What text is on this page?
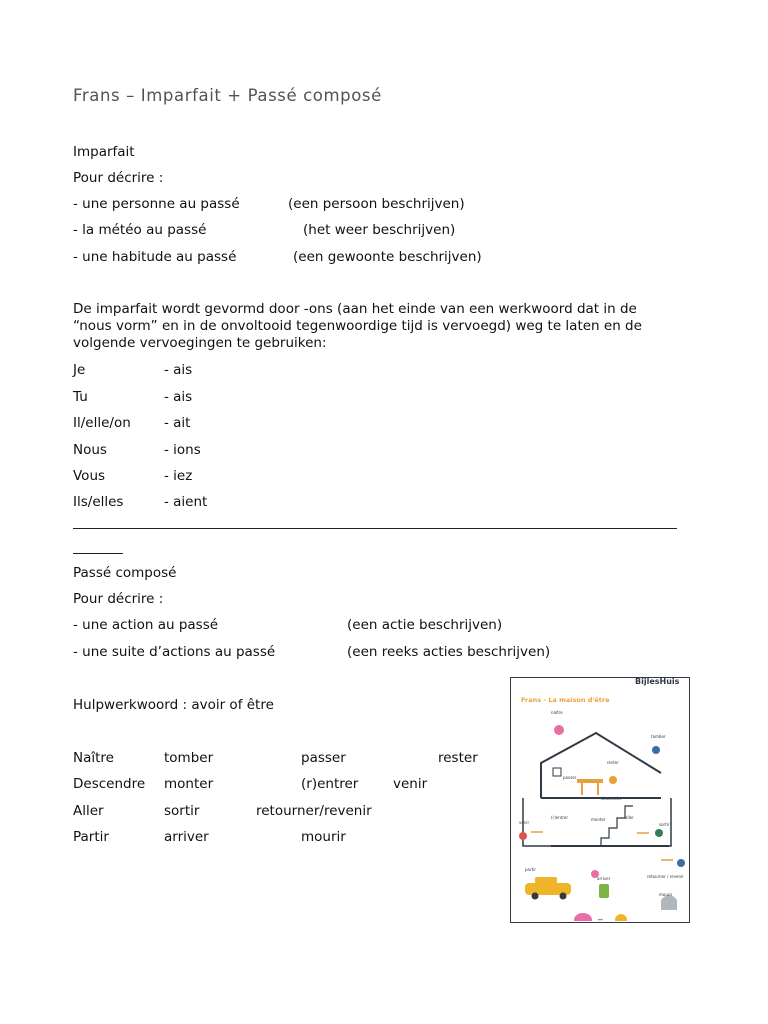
Frans – Imparfait + Passé composé
Imparfait
Pour décrire :
- une personne au passé	(een persoon beschrijven)
- la météo au passé	(het weer beschrijven)
- une habitude au passé	(een gewoonte beschrijven)
De imparfait wordt gevormd door -ons (aan het einde van een werkwoord dat in de “nous vorm” en in de onvoltooid tegenwoordige tijd is vervoegd) weg te laten en de volgende vervoegingen te gebruiken:
Je	- ais
Tu	- ais
Il/elle/on - ait
Nous	- ions
Vous	- iez
Ils/elles	- aient
Passé composé
Pour décrire :
- une action au passé	(een actie beschrijven)
- une suite d’actions au passé	(een reeks acties beschrijven)
Hulpwerkwoord : avoir of être
Naître	tomber	passer	rester
Descendre monter	(r)entrer	venir
Aller	sortir	retourner/revenir
Partir	arriver	mourir
BijlesHuis
Frans - La maison d'être
=
naître
tomber
rester
passer
descendre
venir
(r)entrer	monter	aller
sortir
partir
arriver	retourner / revenir
mourir
